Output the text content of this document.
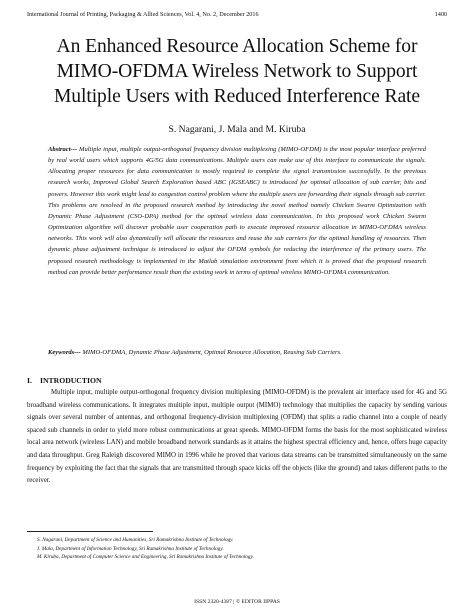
International Journal of Printing, Packaging & Allied Sciences, Vol. 4, No. 2, December 2016	1400
An Enhanced Resource Allocation Scheme for
MIMO-OFDMA Wireless Network to Support
Multiple Users with Reduced Interference Rate
S. Nagarani, J. Mala and M. Kiruba
Abstract--- Multiple input, multiple output-orthogonal frequency division multiplexing (MIMO-OFDM) is the most popular interface preferred by real world users which supports 4G/5G data communications. Multiple users can make use of this interface to communicate the signals. Allocating proper resources for data communication is mostly required to complete the signal transmission successfully. In the previous research works, Improved Global Search Exploration based ABC (IGSEABC) is introduced for optimal allocation of sub carrier, bits and powers. However this work might lead to congestion control problem where the multiple users are forwarding their signals through sub carrier. This problems are resolved in the proposed research method by introducing the novel method namely Chicken Swarm Optimization with Dynamic Phase Adjustment (CSO-DPA) method for the optimal wireless data communication. In this proposed work Chicken Swarm Optimization algorithm will discover probable user cooperation path to execute improved resource allocation in MIMO-OFDMA wireless networks. This work will also dynamically will allocate the resources and reuse the sub carriers for the optimal handling of resources. Then dynamic phase adjustment technique is introduced to adjust the OFDM symbols for reducing the interference of the primary users. The proposed research methodology is implemented in the Matlab simulation environment from which it is proved that the proposed research method can provide better performance result than the existing work in terms of optimal wireless MIMO-OFDMA communication.
Keywords--- MIMO-OFDMA, Dynamic Phase Adjustment, Optimal Resource Allocation, Reusing Sub Carriers.
I. INTRODUCTION
Multiple input, multiple output-orthogonal frequency division multiplexing (MIMO-OFDM) is the prevalent air interface used for 4G and 5G broadband wireless communications. It integrates multiple input, multiple output (MIMO) technology that multiplies the capacity by sending various signals over several number of antennas, and orthogonal frequency-division multiplexing (OFDM) that splits a radio channel into a couple of nearly spaced sub channels in order to yield more robust communications at great speeds. MIMO-OFDM forms the basis for the most sophisticated wireless local area network (wireless LAN) and mobile broadband network standards as it attains the highest spectral efficiency and, hence, offers huge capacity and data throughput. Greg Raleigh discovered MIMO in 1996 while he proved that various data streams can be transmitted simultaneously on the same frequency by exploiting the fact that the signals that are transmitted through space kicks off the objects (like the ground) and takes different paths to the receiver.
S. Nagarani, Department of Science and Humanities, Sri Ramakrishna Institute of Technology.
J. Mala, Department of Information Technology, Sri Ramakrishna Institute of Technology.
M. Kiruba, Department of Computer Science and Engineering, Sri Ramakrishna Institute of Technology.
ISSN 2320-4387 | © EDITOR IIPPAS
